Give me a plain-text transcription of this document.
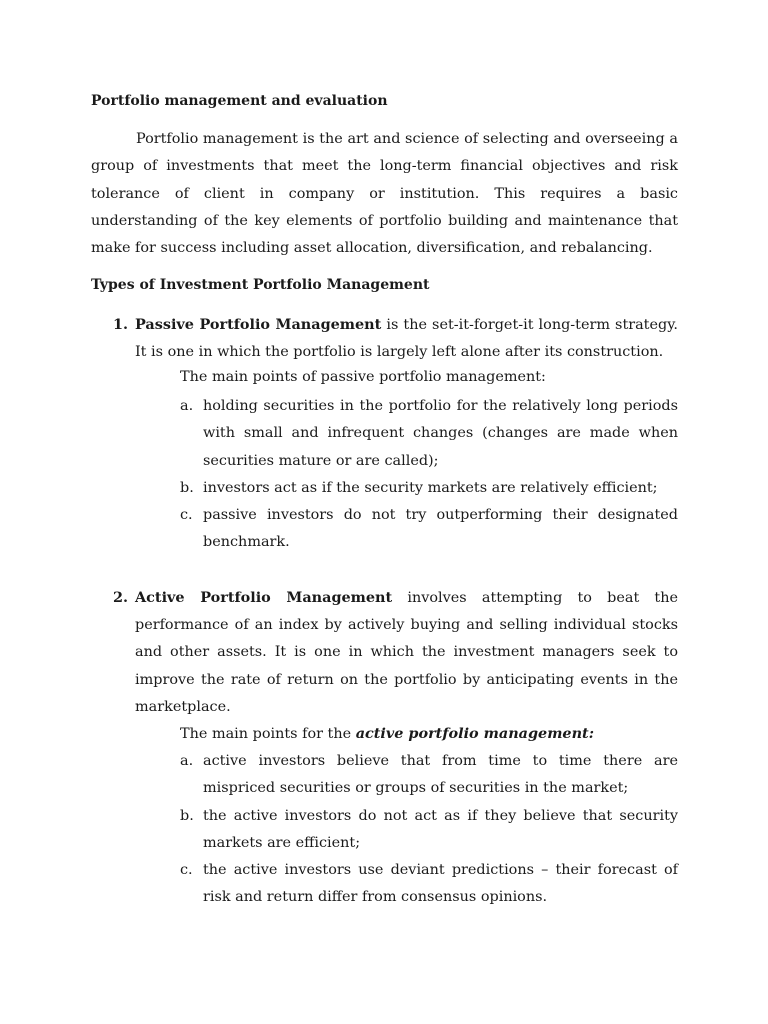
Portfolio management and evaluation
Portfolio management is the art and science of selecting and overseeing a group of investments that meet the long-term financial objectives and risk tolerance of client in company or institution. This requires a basic understanding of the key elements of portfolio building and maintenance that make for success including asset allocation, diversification, and rebalancing.
Types of Investment Portfolio Management
1. Passive Portfolio Management is the set-it-forget-it long-term strategy. It is one in which the portfolio is largely left alone after its construction.
The main points of passive portfolio management:
a. holding securities in the portfolio for the relatively long periods with small and infrequent changes (changes are made when securities mature or are called);
b. investors act as if the security markets are relatively efficient;
c. passive investors do not try outperforming their designated benchmark.
2. Active Portfolio Management involves attempting to beat the performance of an index by actively buying and selling individual stocks and other assets. It is one in which the investment managers seek to improve the rate of return on the portfolio by anticipating events in the marketplace.
The main points for the active portfolio management:
a. active investors believe that from time to time there are mispriced securities or groups of securities in the market;
b. the active investors do not act as if they believe that security markets are efficient;
c. the active investors use deviant predictions – their forecast of risk and return differ from consensus opinions.
